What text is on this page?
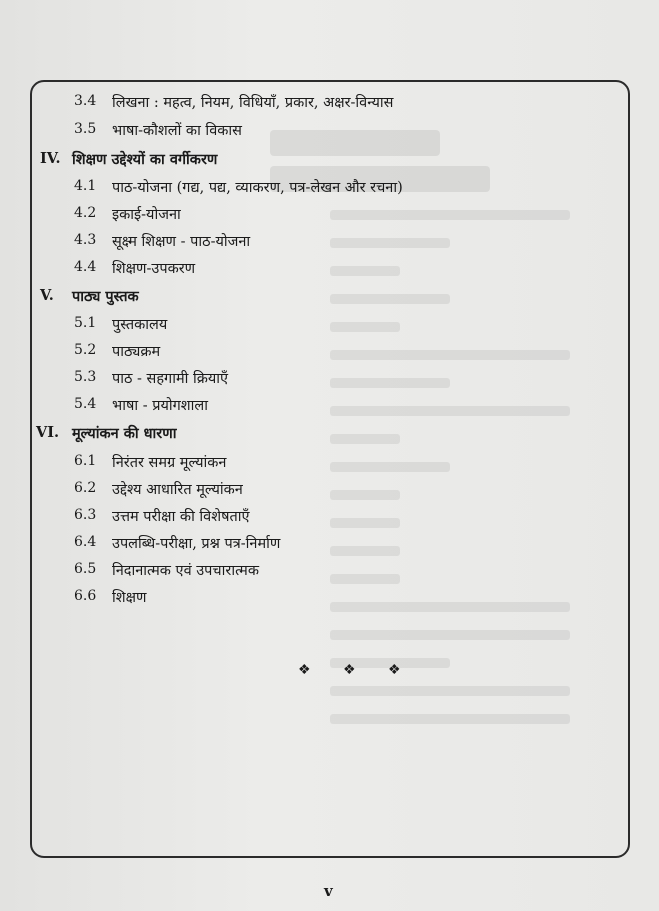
3.4 लिखना : महत्व, नियम, विधियाँ, प्रकार, अक्षर-विन्यास
3.5 भाषा-कौशलों का विकास
IV. शिक्षण उद्देश्यों का वर्गीकरण
4.1 पाठ-योजना (गद्य, पद्य, व्याकरण, पत्र-लेखन और रचना)
4.2 इकाई-योजना
4.3 सूक्ष्म शिक्षण - पाठ-योजना
4.4 शिक्षण-उपकरण
V. पाठ्य पुस्तक
5.1 पुस्तकालय
5.2 पाठ्यक्रम
5.3 पाठ - सहगामी क्रियाएँ
5.4 भाषा - प्रयोगशाला
VI. मूल्यांकन की धारणा
6.1 निरंतर समग्र मूल्यांकन
6.2 उद्देश्य आधारित मूल्यांकन
6.3 उत्तम परीक्षा की विशेषताएँ
6.4 उपलब्धि-परीक्षा, प्रश्न पत्र-निर्माण
6.5 निदानात्मक एवं उपचारात्मक
6.6 शिक्षण
❖ ❖ ❖
v
